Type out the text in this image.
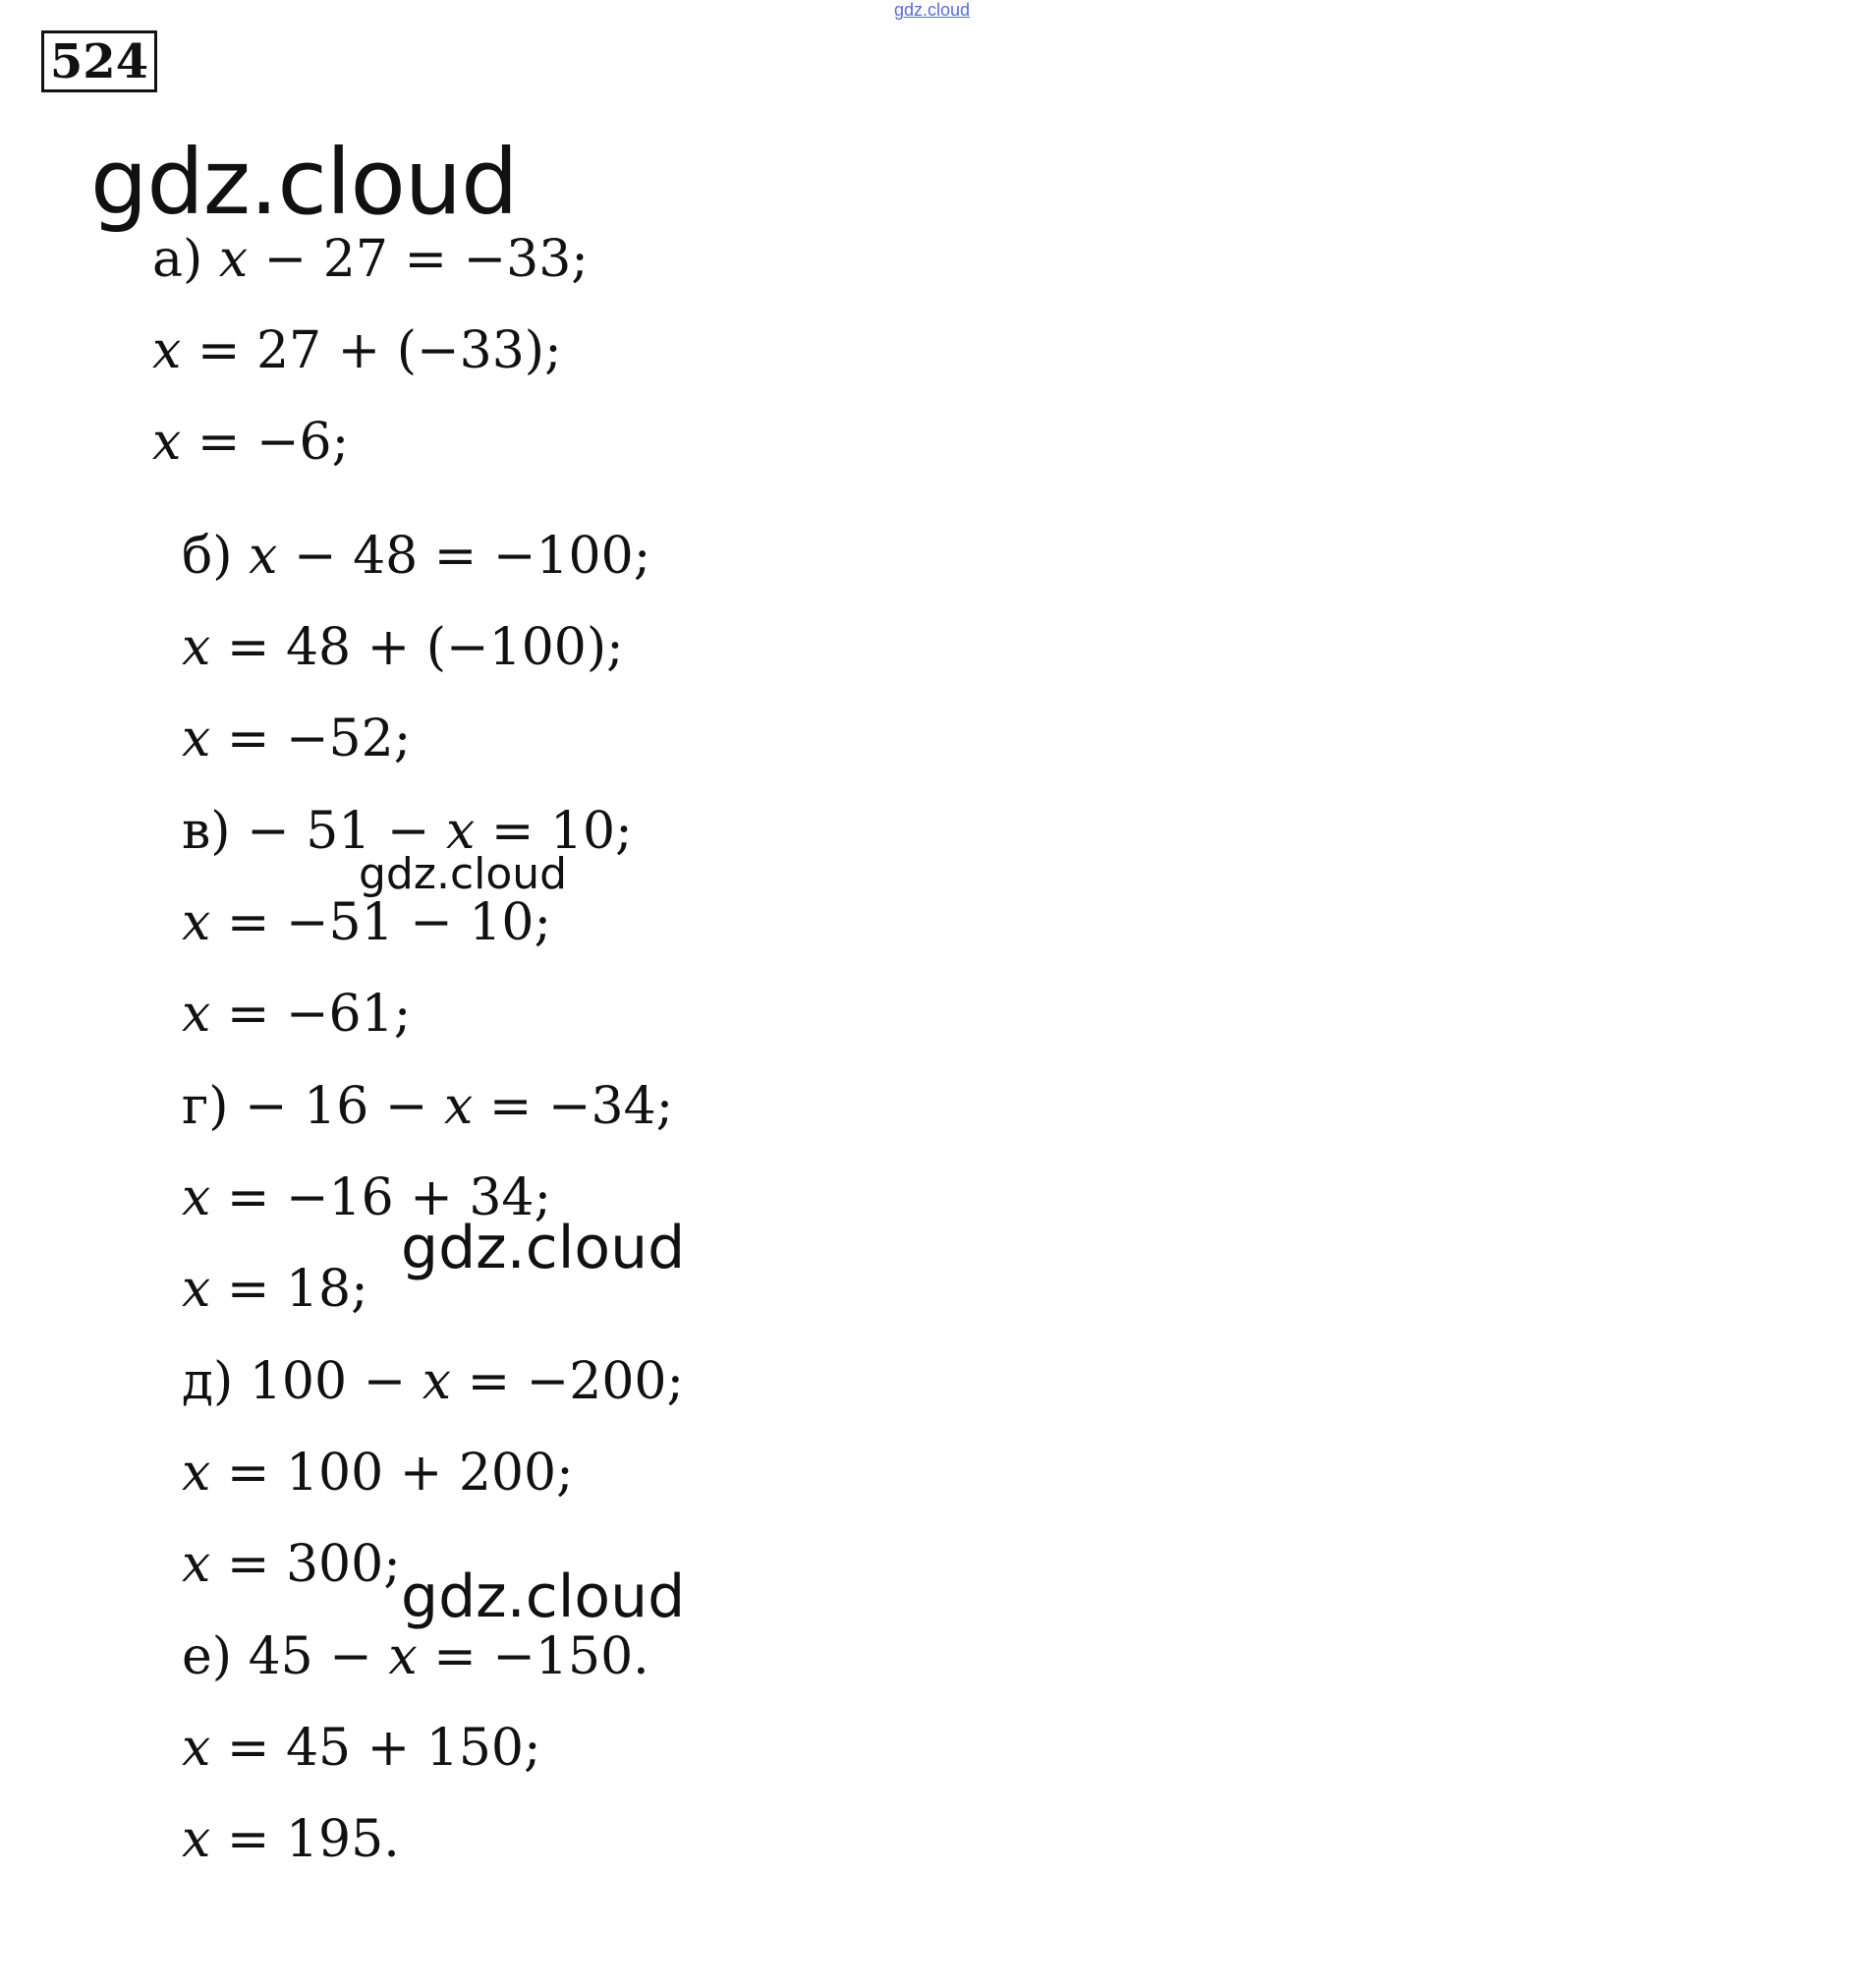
gdz.cloud
524
gdz.cloud
а) 𝑥 − 27 = −33;
𝑥 = 27 + (−33);
𝑥 = −6;
б) 𝑥 − 48 = −100;
𝑥 = 48 + (−100);
𝑥 = −52;
в) − 51 − 𝑥 = 10;
𝑥 = −51 − 10;
𝑥 = −61;
г) − 16 − 𝑥 = −34;
𝑥 = −16 + 34;
𝑥 = 18;
д) 100 − 𝑥 = −200;
𝑥 = 100 + 200;
𝑥 = 300;
е) 45 − 𝑥 = −150.
𝑥 = 45 + 150;
𝑥 = 195.
gdz.cloud
gdz.cloud
gdz.cloud
